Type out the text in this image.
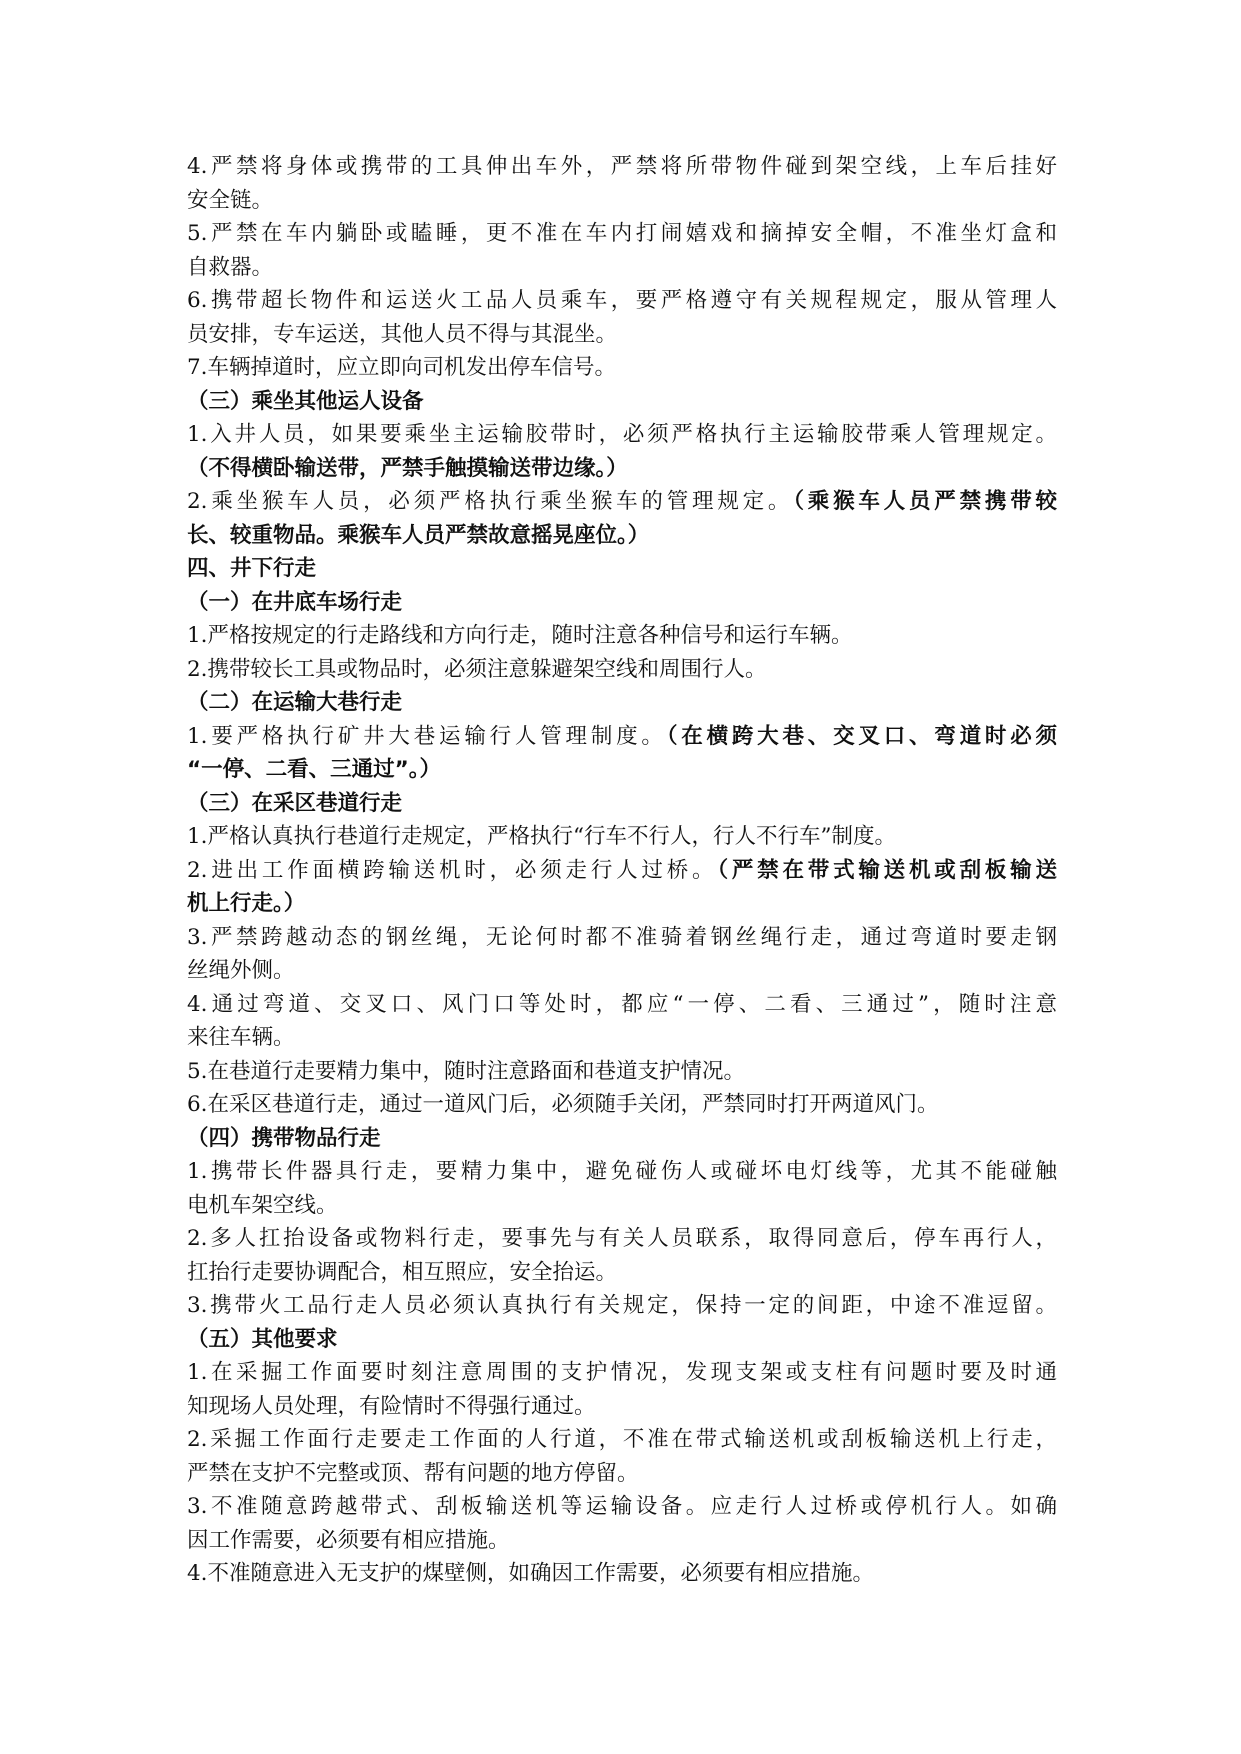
4.严禁将身体或携带的工具伸出车外，严禁将所带物件碰到架空线，上车后挂好
安全链。
5.严禁在车内躺卧或瞌睡，更不准在车内打闹嬉戏和摘掉安全帽，不准坐灯盒和
自救器。
6.携带超长物件和运送火工品人员乘车，要严格遵守有关规程规定，服从管理人
员安排，专车运送，其他人员不得与其混坐。
7.车辆掉道时，应立即向司机发出停车信号。
（三）乘坐其他运人设备
1.入井人员，如果要乘坐主运输胶带时，必须严格执行主运输胶带乘人管理规定。
（不得横卧输送带，严禁手触摸输送带边缘。）
2.乘坐猴车人员，必须严格执行乘坐猴车的管理规定。（乘猴车人员严禁携带较
长、较重物品。乘猴车人员严禁故意摇晃座位。）
四、井下行走
（一）在井底车场行走
1.严格按规定的行走路线和方向行走，随时注意各种信号和运行车辆。
2.携带较长工具或物品时，必须注意躲避架空线和周围行人。
（二）在运输大巷行走
1.要严格执行矿井大巷运输行人管理制度。（在横跨大巷、交叉口、弯道时必须
“一停、二看、三通过”。）
（三）在采区巷道行走
1.严格认真执行巷道行走规定，严格执行“行车不行人，行人不行车”制度。
2.进出工作面横跨输送机时，必须走行人过桥。（严禁在带式输送机或刮板输送
机上行走。）
3.严禁跨越动态的钢丝绳，无论何时都不准骑着钢丝绳行走，通过弯道时要走钢
丝绳外侧。
4.通过弯道、交叉口、风门口等处时，都应“一停、二看、三通过”，随时注意
来往车辆。
5.在巷道行走要精力集中，随时注意路面和巷道支护情况。
6.在采区巷道行走，通过一道风门后，必须随手关闭，严禁同时打开两道风门。
（四）携带物品行走
1.携带长件器具行走，要精力集中，避免碰伤人或碰坏电灯线等，尤其不能碰触
电机车架空线。
2.多人扛抬设备或物料行走，要事先与有关人员联系，取得同意后，停车再行人，
扛抬行走要协调配合，相互照应，安全抬运。
3.携带火工品行走人员必须认真执行有关规定，保持一定的间距，中途不准逗留。
（五）其他要求
1.在采掘工作面要时刻注意周围的支护情况，发现支架或支柱有问题时要及时通
知现场人员处理，有险情时不得强行通过。
2.采掘工作面行走要走工作面的人行道，不准在带式输送机或刮板输送机上行走，
严禁在支护不完整或顶、帮有问题的地方停留。
3.不准随意跨越带式、刮板输送机等运输设备。应走行人过桥或停机行人。如确
因工作需要，必须要有相应措施。
4.不准随意进入无支护的煤壁侧，如确因工作需要，必须要有相应措施。
